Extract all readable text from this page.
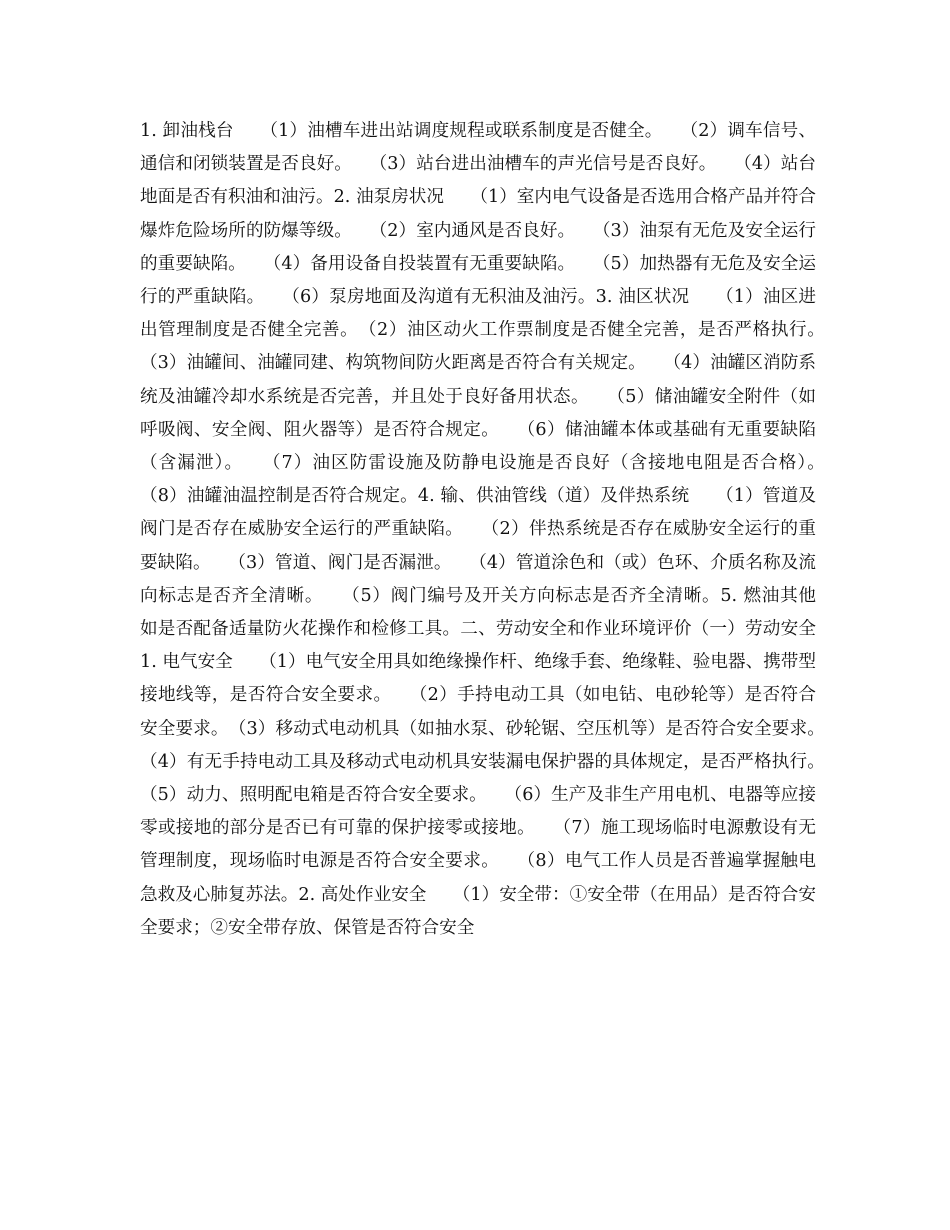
1. 卸油栈台　　（1）油槽车进出站调度规程或联系制度是否健全。　　（2）调车信号、通信和闭锁装置是否良好。　　（3）站台进出油槽车的声光信号是否良好。　　（4）站台地面是否有积油和油污。2. 油泵房状况　　（1）室内电气设备是否选用合格产品并符合爆炸危险场所的防爆等级。　　（2）室内通风是否良好。　　（3）油泵有无危及安全运行的重要缺陷。　　（4）备用设备自投装置有无重要缺陷。　　（5）加热器有无危及安全运行的严重缺陷。　　（6）泵房地面及沟道有无积油及油污。3. 油区状况　　（1）油区进出管理制度是否健全完善。　（2）油区动火工作票制度是否健全完善，是否严格执行。　　（3）油罐间、油罐同建、构筑物间防火距离是否符合有关规定。　　（4）油罐区消防系统及油罐冷却水系统是否完善，并且处于良好备用状态。　　（5）储油罐安全附件（如呼吸阀、安全阀、阻火器等）是否符合规定。　　（6）储油罐本体或基础有无重要缺陷（含漏泄）。　　（7）油区防雷设施及防静电设施是否良好（含接地电阻是否合格）。　　（8）油罐油温控制是否符合规定。4. 输、供油管线（道）及伴热系统　　（1）管道及阀门是否存在威胁安全运行的严重缺陷。　　（2）伴热系统是否存在威胁安全运行的重要缺陷。　　（3）管道、阀门是否漏泄。　　（4）管道涂色和（或）色环、介质名称及流向标志是否齐全清晰。　　（5）阀门编号及开关方向标志是否齐全清晰。5. 燃油其他　　如是否配备适量防火花操作和检修工具。二、劳动安全和作业环境评价（一）劳动安全 1. 电气安全　　（1）电气安全用具如绝缘操作杆、绝缘手套、绝缘鞋、验电器、携带型接地线等，是否符合安全要求。　　（2）手持电动工具（如电钻、电砂轮等）是否符合安全要求。　（3）移动式电动机具（如抽水泵、砂轮锯、空压机等）是否符合安全要求。　（4）有无手持电动工具及移动式电动机具安装漏电保护器的具体规定，是否严格执行。　　（5）动力、照明配电箱是否符合安全要求。　　（6）生产及非生产用电机、电器等应接零或接地的部分是否已有可靠的保护接零或接地。　　（7）施工现场临时电源敷设有无管理制度，现场临时电源是否符合安全要求。　　（8）电气工作人员是否普遍掌握触电急救及心肺复苏法。2. 高处作业安全　　（1）安全带：①安全带（在用品）是否符合安全要求；②安全带存放、保管是否符合安全
